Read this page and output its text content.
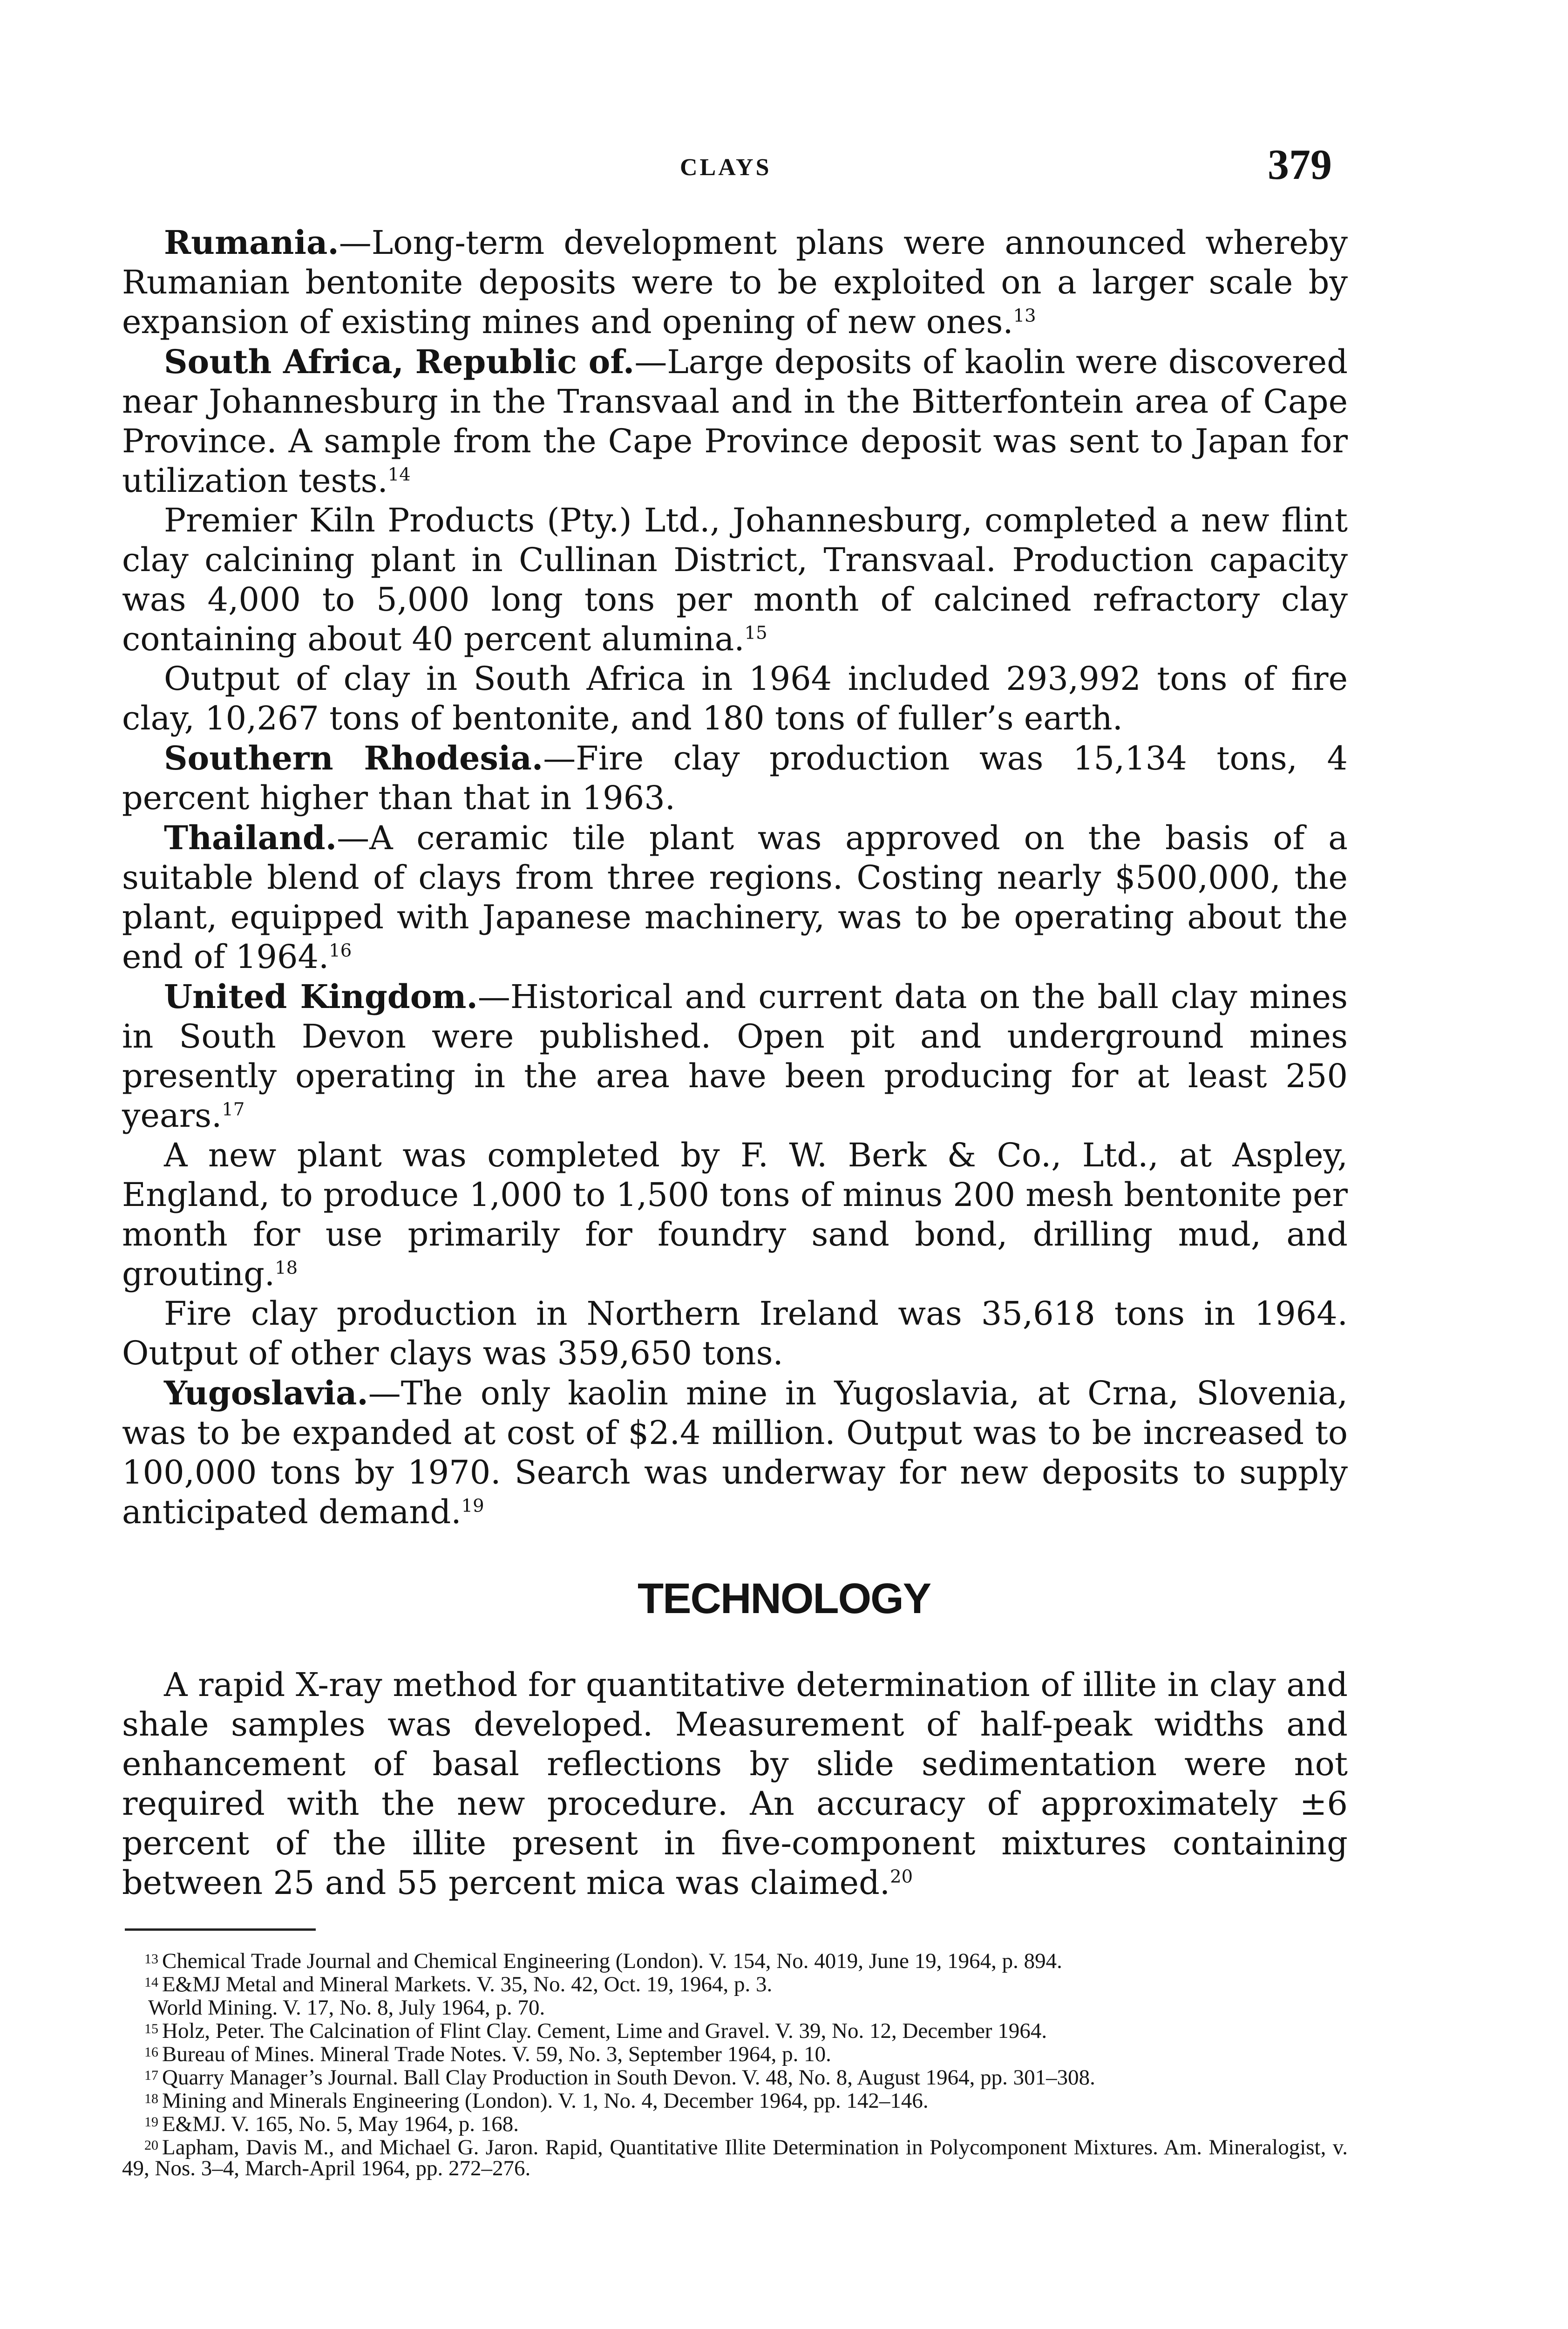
CLAYS	379

Rumania.—Long-term development plans were announced whereby Rumanian bentonite deposits were to be exploited on a larger scale by expansion of existing mines and opening of new ones.$^{13}$

South Africa, Republic of.—Large deposits of kaolin were discovered near Johannesburg in the Transvaal and in the Bitterfontein area of Cape Province. A sample from the Cape Province deposit was sent to Japan for utilization tests.$^{14}$

Premier Kiln Products (Pty.) Ltd., Johannesburg, completed a new flint clay calcining plant in Cullinan District, Transvaal. Production capacity was 4,000 to 5,000 long tons per month of calcined refractory clay containing about 40 percent alumina.$^{15}$

Output of clay in South Africa in 1964 included 293,992 tons of fire clay, 10,267 tons of bentonite, and 180 tons of fuller’s earth.

Southern Rhodesia.—Fire clay production was 15,134 tons, 4 percent higher than that in 1963.

Thailand.—A ceramic tile plant was approved on the basis of a suitable blend of clays from three regions. Costing nearly $500,000, the plant, equipped with Japanese machinery, was to be operating about the end of 1964.16

United Kingdom.—Historical and current data on the ball clay mines in South Devon were published. Open pit and underground mines presently operating in the area have been producing for at least 250 years.$^{17}$

A new plant was completed by F. W. Berk & Co., Ltd., at Aspley, England, to produce 1,000 to 1,500 tons of minus 200 mesh bentonite per month for use primarily for foundry sand bond, drilling mud, and grouting.$^{18}$

Fire clay production in Northern Ireland was 35,618 tons in 1964. Output of other clays was 359,650 tons.

Yugoslavia.—The only kaolin mine in Yugoslavia, at Crna, Slovenia, was to be expanded at cost of $2.4 million. Output was to be increased to 100,000 tons by 1970. Search was underway for new deposits to supply anticipated demand.$^{19}$

TECHNOLOGY

A rapid X-ray method for quantitative determination of illite in clay and shale samples was developed. Measurement of half-peak widths and enhancement of basal reflections by slide sedimentation were not required with the new procedure. An accuracy of approximately ±6 percent of the illite present in five-component mixtures containing between 25 and 55 percent mica was claimed.$^{20}$

$^{13}$ Chemical Trade Journal and Chemical Engineering (London). V. 154, No. 4019, June 19, 1964, p. 894.

$^{14}$ E&MJ Metal and Mineral Markets. V. 35, No. 42, Oct. 19, 1964, p. 3.

World Mining. V. 17, No. 8, July 1964, p. 70.

$^{15}$ Holz, Peter. The Calcination of Flint Clay. Cement, Lime and Gravel. V. 39, No. 12, December 1964.

$^{16}$ Bureau of Mines. Mineral Trade Notes. V. 59, No. 3, September 1964, p. 10.

$^{17}$ Quarry Manager’s Journal. Ball Clay Production in South Devon. V. 48, No. 8, August 1964, pp. 301–308.

$^{18}$ Mining and Minerals Engineering (London). V. 1, No. 4, December 1964, pp. 142–146.

$^{19}$ E&MJ. V. 165, No. 5, May 1964, p. 168.

$^{20}$ Lapham, Davis M., and Michael G. Jaron. Rapid, Quantitative Illite Determination in Polycomponent Mixtures. Am. Mineralogist, v. 49, Nos. 3–4, March-April 1964, pp. 272–276.
